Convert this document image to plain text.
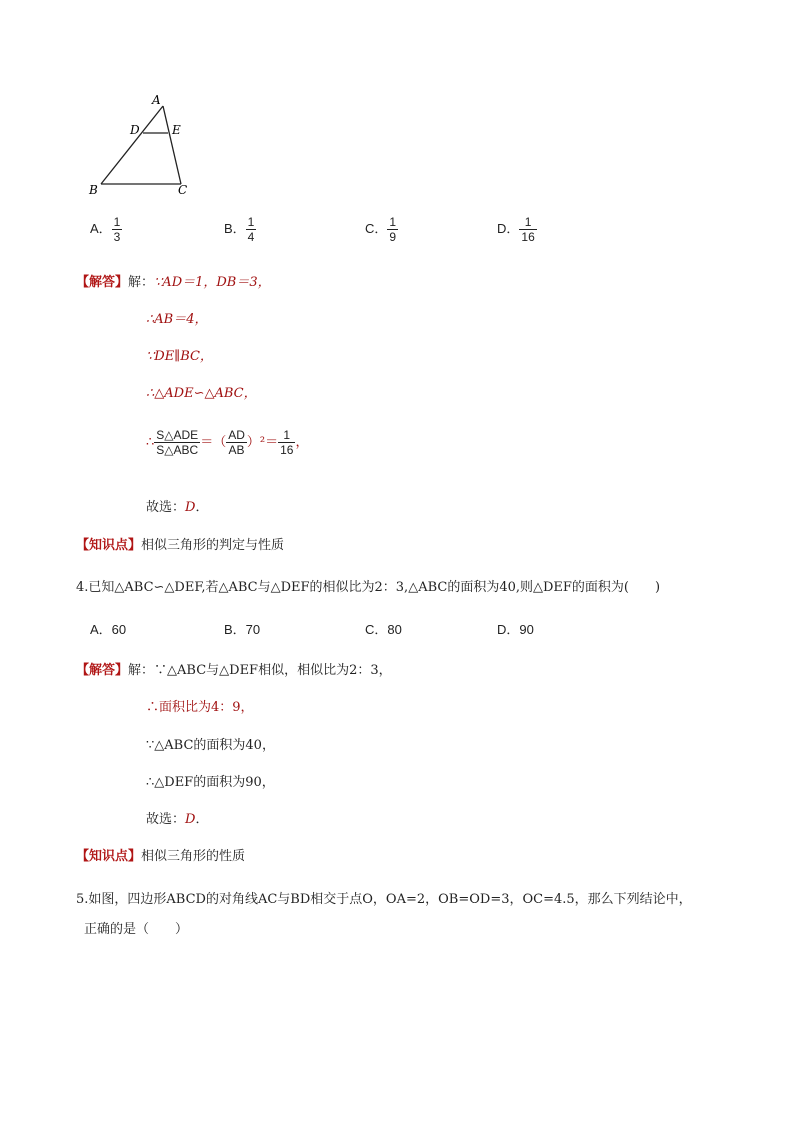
A
D	E
B	C
A． $\frac{1}{3}$	B． $\frac{1}{4}$	C． $\frac{1}{9}$	D． $\frac{1}{16}$
【解答】解：∵AD＝1，DB＝3，
∴AB＝4，
∵DE∥BC，
∴△ADE∽△ABC，
∴ $\frac{\text{S△ADE}}{\text{S△ABC}}$ ＝（ $\frac{AD}{AB} )^2= \frac{1}{16}$ ，
故选：D．
【知识点】相似三角形的判定与性质
4.已知△ABC∽△DEF,若△ABC与△DEF的相似比为2：3,△ABC的面积为40,则△DEF的面积为(　　)
A．60	B．70	C．80	D．90
【解答】解：∵△ABC与△DEF相似，相似比为2：3，
∴面积比为4：9，
∵△ABC的面积为40，
∴△DEF的面积为90，
故选：D．
【知识点】相似三角形的性质
5.如图，四边形ABCD的对角线AC与BD相交于点O，OA=2，OB=OD=3，OC=4.5，那么下列结论中，
正确的是（　　）
